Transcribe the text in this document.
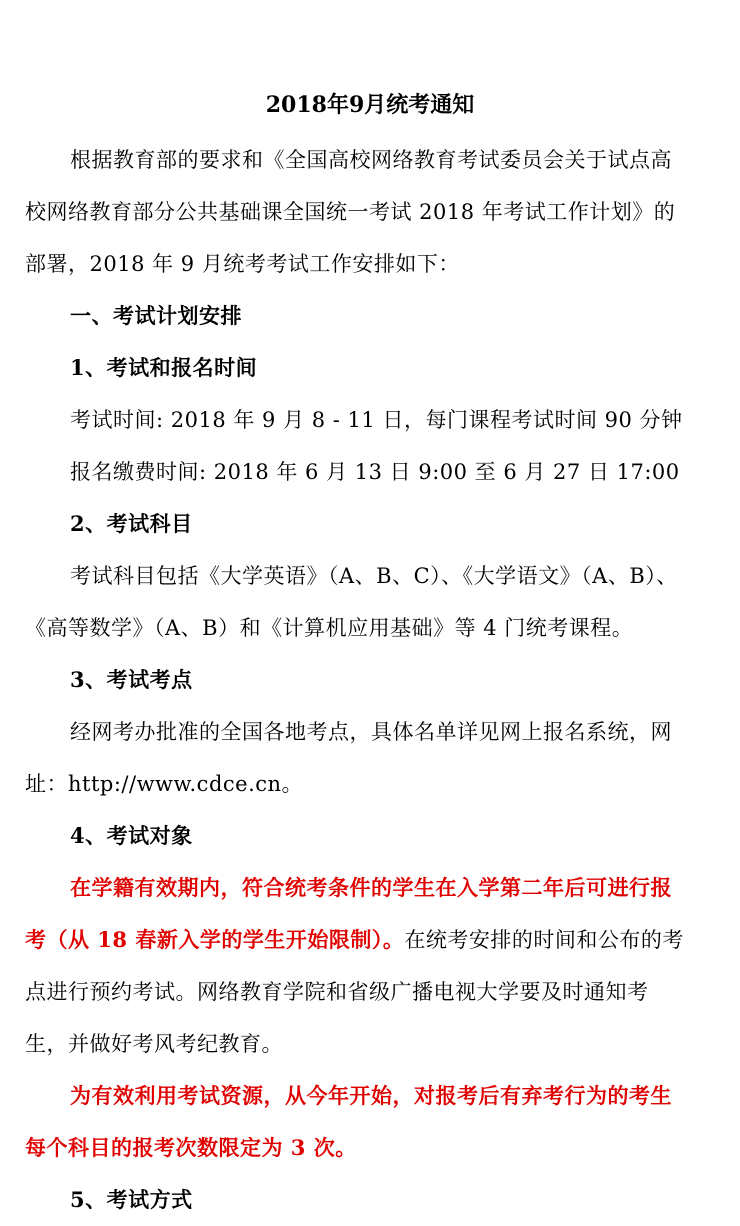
2018年9月统考通知
根据教育部的要求和《全国高校网络教育考试委员会关于试点高
校网络教育部分公共基础课全国统一考试 2018 年考试工作计划》的
部署，2018 年 9 月统考考试工作安排如下：
一、考试计划安排
1、考试和报名时间
考试时间: 2018 年 9 月 8 - 11 日，每门课程考试时间 90 分钟
报名缴费时间: 2018 年 6 月 13 日 9:00 至 6 月 27 日 17:00
2、考试科目
考试科目包括《大学英语》（A、B、C）、《大学语文》（A、B）、
《高等数学》（A、B）和《计算机应用基础》等 4 门统考课程。
3、考试考点
经网考办批准的全国各地考点，具体名单详见网上报名系统，网
址：http://www.cdce.cn。
4、考试对象
在学籍有效期内，符合统考条件的学生在入学第二年后可进行报
考（从 18 春新入学的学生开始限制）。在统考安排的时间和公布的考
点进行预约考试。网络教育学院和省级广播电视大学要及时通知考
生，并做好考风考纪教育。
为有效利用考试资源，从今年开始，对报考后有弃考行为的考生
每个科目的报考次数限定为 3 次。
5、考试方式
